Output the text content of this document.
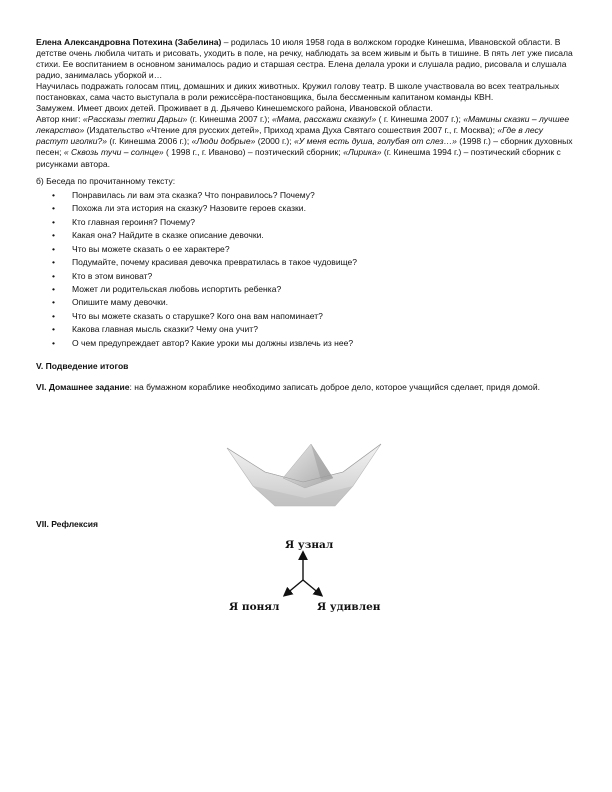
Елена Александровна Потехина (Забелина) – родилась 10 июля 1958 года в волжском городке Кинешма, Ивановской области. В детстве очень любила читать и рисовать, уходить в поле, на речку, наблюдать за всем живым и быть в тишине. В пять лет уже писала стихи. Ее воспитанием в основном занималось радио и старшая сестра. Елена делала уроки и слушала радио, рисовала и слушала радио, занималась уборкой и…

Научилась подражать голосам птиц, домашних и диких животных. Кружил голову театр. В школе участвовала во всех театральных постановках, сама часто выступала в роли режиссёра-постановщика, была бессменным капитаном команды КВН.

Замужем. Имеет двоих детей. Проживает в д. Дьячево Кинешемского района, Ивановской области.

Автор книг: «Рассказы тетки Дарьи» (г. Кинешма 2007 г.); «Мама, расскажи сказку!» ( г. Кинешма 2007 г.); «Мамины сказки – лучшее лекарство» (Издательство «Чтение для русских детей», Приход храма Духа Святаго сошествия 2007 г., г. Москва); «Где в лесу растут иголки?» (г. Кинешма 2006 г.); «Люди добрые» (2000 г.); «У меня есть душа, голубая от слез…» (1998 г.) – сборник духовных песен; « Сквозь тучи – солнце» ( 1998 г., г. Иваново) – поэтический сборник; «Лирика» (г. Кинешма 1994 г.) – поэтический сборник с рисунками автора.

б) Беседа по прочитанному тексту:
• Понравилась ли вам эта сказка? Что понравилось? Почему?
• Похожа ли эта история на сказку? Назовите героев сказки.
• Кто главная героиня? Почему?
• Какая она? Найдите в сказке описание девочки.
• Что вы можете сказать о ее характере?
• Подумайте, почему красивая девочка превратилась в такое чудовище?
• Кто в этом виноват?
• Может ли родительская любовь испортить ребенка?
• Опишите маму девочки.
• Что вы можете сказать о старушке? Кого она вам напоминает?
• Какова главная мысль сказки? Чему она учит?
• О чем предупреждает автор? Какие уроки мы должны извлечь из нее?
V. Подведение итогов
VI. Домашнее задание: на бумажном кораблике необходимо записать доброе дело, которое учащийся сделает, придя домой.
VII. Рефлексия
Я узнал
Я понял	Я удивлен
